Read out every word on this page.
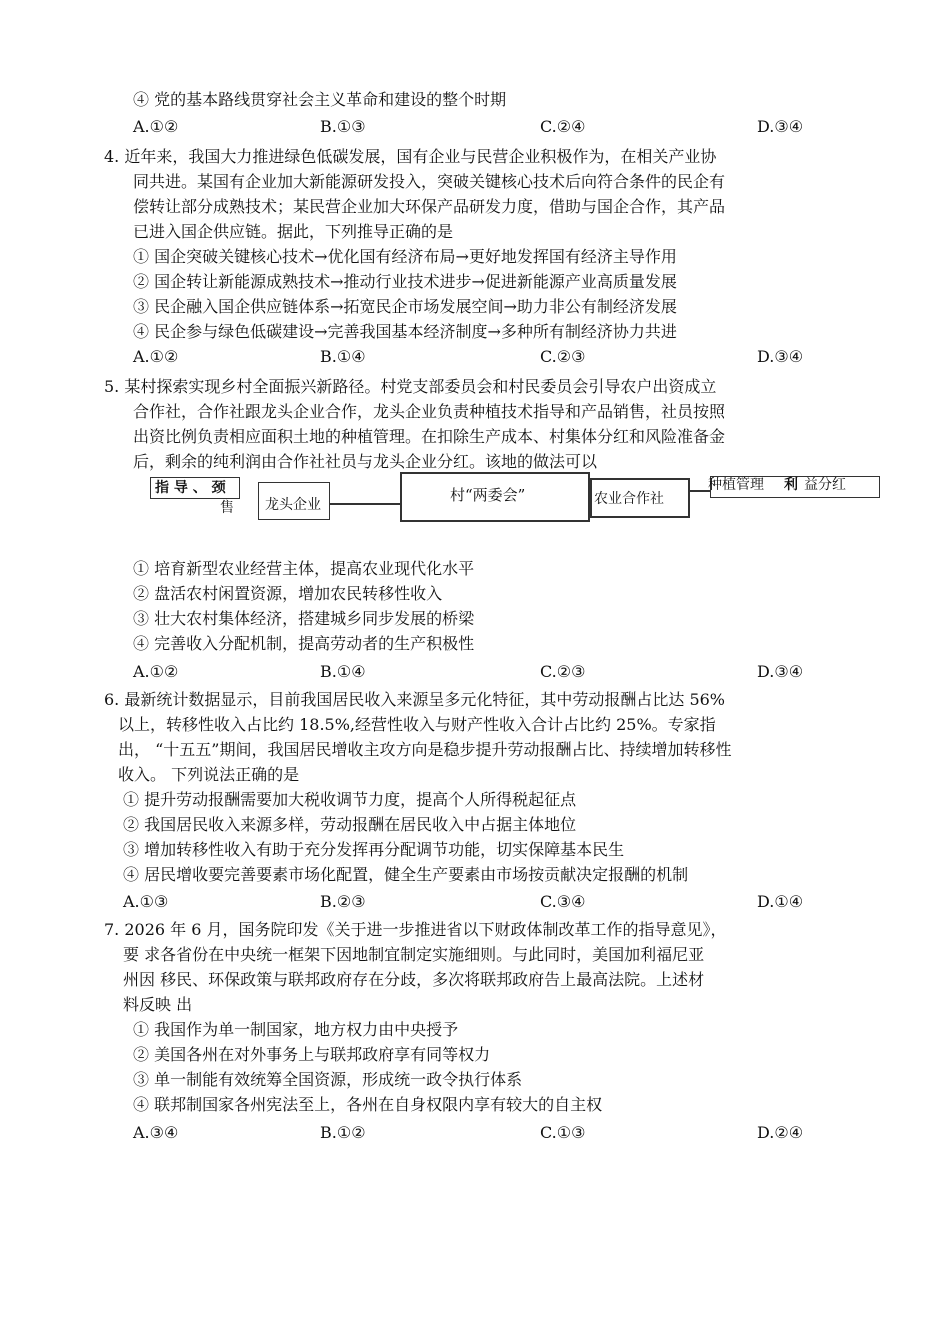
④ 党的基本路线贯穿社会主义革命和建设的整个时期
A.①②	B.①③	C.②④	D.③④
4. 近年来，我国大力推进绿色低碳发展，国有企业与民营企业积极作为，在相关产业协
同共进。某国有企业加大新能源研发投入，突破关键核心技术后向符合条件的民企有
偿转让部分成熟技术；某民营企业加大环保产品研发力度，借助与国企合作，其产品
已进入国企供应链。据此，下列推导正确的是
① 国企突破关键核心技术→优化国有经济布局→更好地发挥国有经济主导作用
② 国企转让新能源成熟技术→推动行业技术进步→促进新能源产业高质量发展
③ 民企融入国企供应链体系→拓宽民企市场发展空间→助力非公有制经济发展
④ 民企参与绿色低碳建设→完善我国基本经济制度→多种所有制经济协力共进
A.①②	B.①④	C.②③	D.③④
5. 某村探索实现乡村全面振兴新路径。村党支部委员会和村民委员会引导农户出资成立
合作社，合作社跟龙头企业合作，龙头企业负责种植技术指导和产品销售，社员按照
出资比例负责相应面积土地的种植管理。在扣除生产成本、村集体分红和风险准备金
后，剩余的纯利润由合作社社员与龙头企业分红。该地的做法可以
指 导 、 颈
售 龙头企业
村“两委会”	农业合作社
种植管理 利 益分红
① 培育新型农业经营主体，提高农业现代化水平
② 盘活农村闲置资源，增加农民转移性收入
③ 壮大农村集体经济，搭建城乡同步发展的桥梁
④ 完善收入分配机制，提高劳动者的生产积极性
A.①②	B.①④	C.②③	D.③④
6. 最新统计数据显示，目前我国居民收入来源呈多元化特征，其中劳动报酬占比达 56%
以上，转移性收入占比约 18.5%,经营性收入与财产性收入合计占比约 25%。专家指
出， “十五五”期间，我国居民增收主攻方向是稳步提升劳动报酬占比、持续增加转移性
收入。 下列说法正确的是
① 提升劳动报酬需要加大税收调节力度，提高个人所得税起征点
② 我国居民收入来源多样，劳动报酬在居民收入中占据主体地位
③ 增加转移性收入有助于充分发挥再分配调节功能，切实保障基本民生
④ 居民增收要完善要素市场化配置，健全生产要素由市场按贡献决定报酬的机制
A.①③	B.②③	C.③④	D.①④
7. 2026 年 6 月，国务院印发《关于进一步推进省以下财政体制改革工作的指导意见》，
要 求各省份在中央统一框架下因地制宜制定实施细则。与此同时，美国加利福尼亚
州因 移民、环保政策与联邦政府存在分歧，多次将联邦政府告上最高法院。上述材
料反映 出
① 我国作为单一制国家，地方权力由中央授予
② 美国各州在对外事务上与联邦政府享有同等权力
③ 单一制能有效统筹全国资源，形成统一政令执行体系
④ 联邦制国家各州宪法至上，各州在自身权限内享有较大的自主权
A.③④	B.①②	C.①③	D.②④
